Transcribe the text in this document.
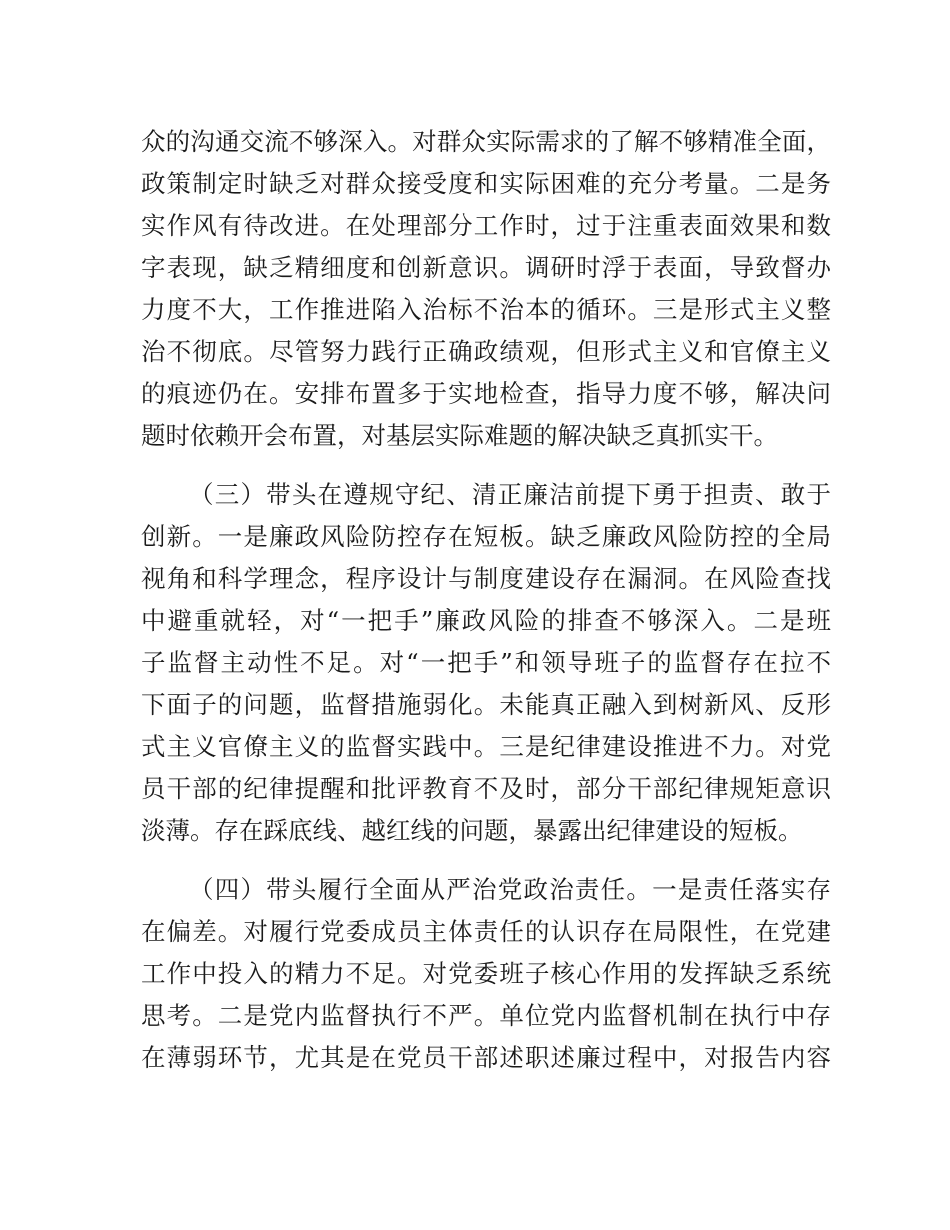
众的沟通交流不够深入。对群众实际需求的了解不够精准全面，
政策制定时缺乏对群众接受度和实际困难的充分考量。二是务
实作风有待改进。在处理部分工作时，过于注重表面效果和数
字表现，缺乏精细度和创新意识。调研时浮于表面，导致督办
力度不大，工作推进陷入治标不治本的循环。三是形式主义整
治不彻底。尽管努力践行正确政绩观，但形式主义和官僚主义
的痕迹仍在。安排布置多于实地检查，指导力度不够，解决问
题时依赖开会布置，对基层实际难题的解决缺乏真抓实干。
（三）带头在遵规守纪、清正廉洁前提下勇于担责、敢于
创新。一是廉政风险防控存在短板。缺乏廉政风险防控的全局
视角和科学理念，程序设计与制度建设存在漏洞。在风险查找
中避重就轻，对“一把手”廉政风险的排查不够深入。二是班
子监督主动性不足。对“一把手”和领导班子的监督存在拉不
下面子的问题，监督措施弱化。未能真正融入到树新风、反形
式主义官僚主义的监督实践中。三是纪律建设推进不力。对党
员干部的纪律提醒和批评教育不及时，部分干部纪律规矩意识
淡薄。存在踩底线、越红线的问题，暴露出纪律建设的短板。
（四）带头履行全面从严治党政治责任。一是责任落实存
在偏差。对履行党委成员主体责任的认识存在局限性，在党建
工作中投入的精力不足。对党委班子核心作用的发挥缺乏系统
思考。二是党内监督执行不严。单位党内监督机制在执行中存
在薄弱环节，尤其是在党员干部述职述廉过程中，对报告内容
